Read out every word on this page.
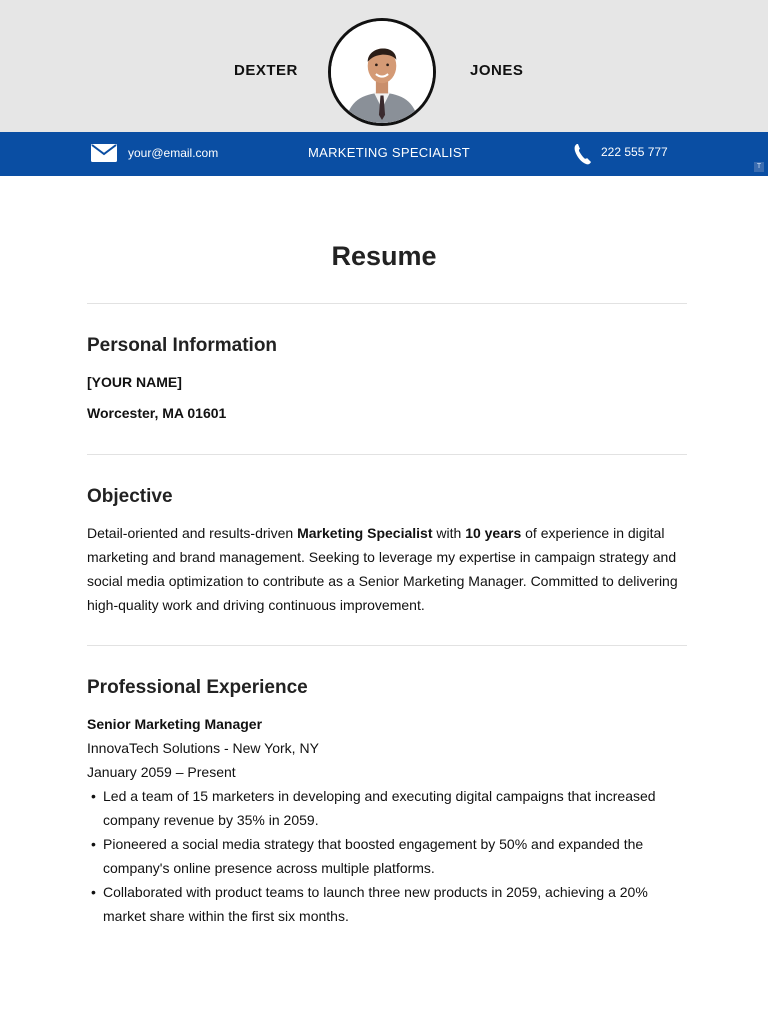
DEXTER	JONES
your@email.com	MARKETING SPECIALIST	222 555 777
T
Resume
Personal Information
[YOUR NAME]
Worcester, MA 01601
Objective

Detail-oriented and results-driven Marketing Specialist with 10 years of experience in digital marketing and brand management. Seeking to leverage my expertise in campaign strategy and social media optimization to contribute as a Senior Marketing Manager. Committed to delivering high-quality work and driving continuous improvement.

Professional Experience
Senior Marketing Manager
InnovaTech Solutions - New York, NY
January 2059 – Present
• Led a team of 15 marketers in developing and executing digital campaigns that increased company revenue by 35% in 2059.
• Pioneered a social media strategy that boosted engagement by 50% and expanded the company's online presence across multiple platforms.
• Collaborated with product teams to launch three new products in 2059, achieving a 20% market share within the first six months.
